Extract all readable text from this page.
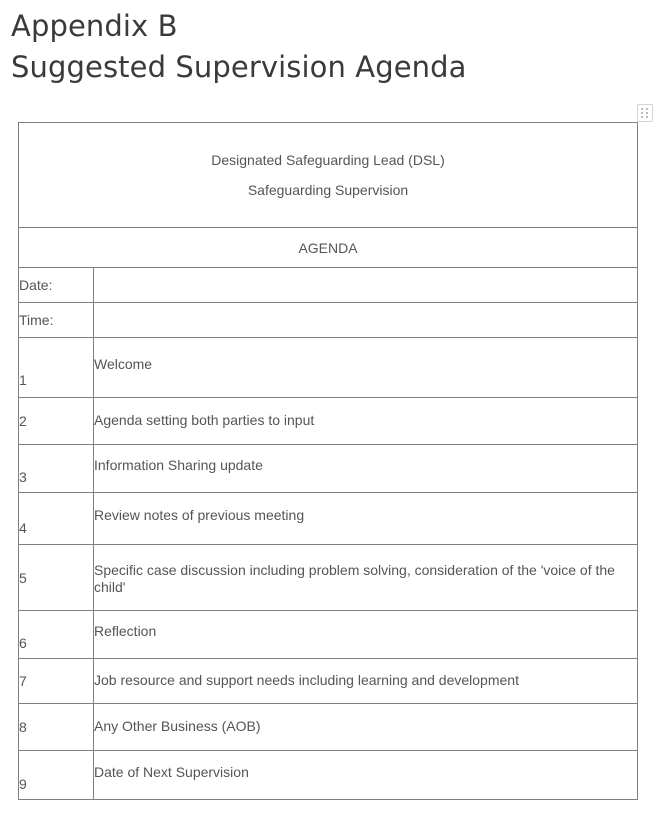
Appendix B
Suggested Supervision Agenda
Designated Safeguarding Lead (DSL)
Safeguarding Supervision	

AGENDA	
Date:	
Time:	
1	Welcome
2	Agenda setting both parties to input
3	Information Sharing update
4	Review notes of previous meeting
5	Specific case discussion including problem solving, consideration of the 'voice of the child'
6	Reflection
7	Job resource and support needs including learning and development
8	Any Other Business (AOB)
9	Date of Next Supervision
